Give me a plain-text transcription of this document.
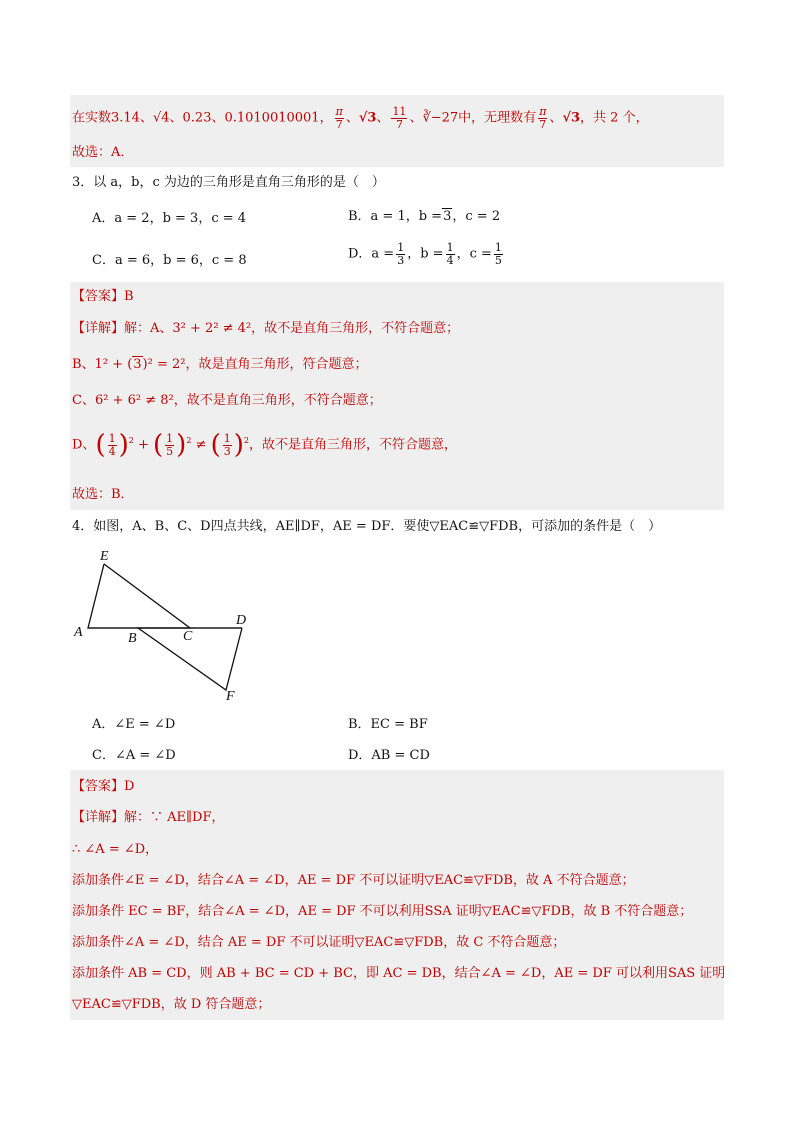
在实数3.14、√4、0.23、0.1010010001， $\frac{\pi}{7}$ 、√3、 $\frac{11}{7}$ 、∛−27中，无理数有 $\frac{\pi}{7}$ 、√3，共 2 个，
故选：A．
3．以 a，b，c 为边的三角形是直角三角形的是（　）
A．a = 2，b = 3，c = 4	B．a = 1，b =3，c = 2
C．a = 6，b = 6，c = 8	D．$a = \frac{1}{3}$ ，$b = \frac{1}{4}$ ，$c = \frac{1}{5}$
【答案】B
【详解】解：A、3² + 2² ≠ 4²，故不是直角三角形，不符合题意；
B、1² + (3)² = 2²，故是直角三角形，符合题意；
C、6² + 6² ≠ 8²，故不是直角三角形，不符合题意；
D、( $\frac{1}{4} )^2$ + ( $\frac{1}{5} )^2$ ≠ ( $\frac{1}{3} )^2$，故不是直角三角形，不符合题意，
故选：B．
4．如图，A、B、C、D四点共线，AE∥DF，AE = DF．要使▽EAC≌▽FDB，可添加的条件是（　）
E
A	B	C
D
F
A．∠E = ∠D	B．EC = BF
C．∠A = ∠D	D．AB = CD
【答案】D
【详解】解：∵ AE∥DF，
∴ ∠A = ∠D，
添加条件∠E = ∠D，结合∠A = ∠D，AE = DF 不可以证明▽EAC≌▽FDB，故 A 不符合题意；
添加条件 EC = BF，结合∠A = ∠D，AE = DF 不可以利用SSA 证明▽EAC≌▽FDB，故 B 不符合题意；
添加条件∠A = ∠D，结合 AE = DF 不可以证明▽EAC≌▽FDB，故 C 不符合题意；
添加条件 AB = CD，则 AB + BC = CD + BC，即 AC = DB，结合∠A = ∠D，AE = DF 可以利用SAS 证明
▽EAC≌▽FDB，故 D 符合题意；
